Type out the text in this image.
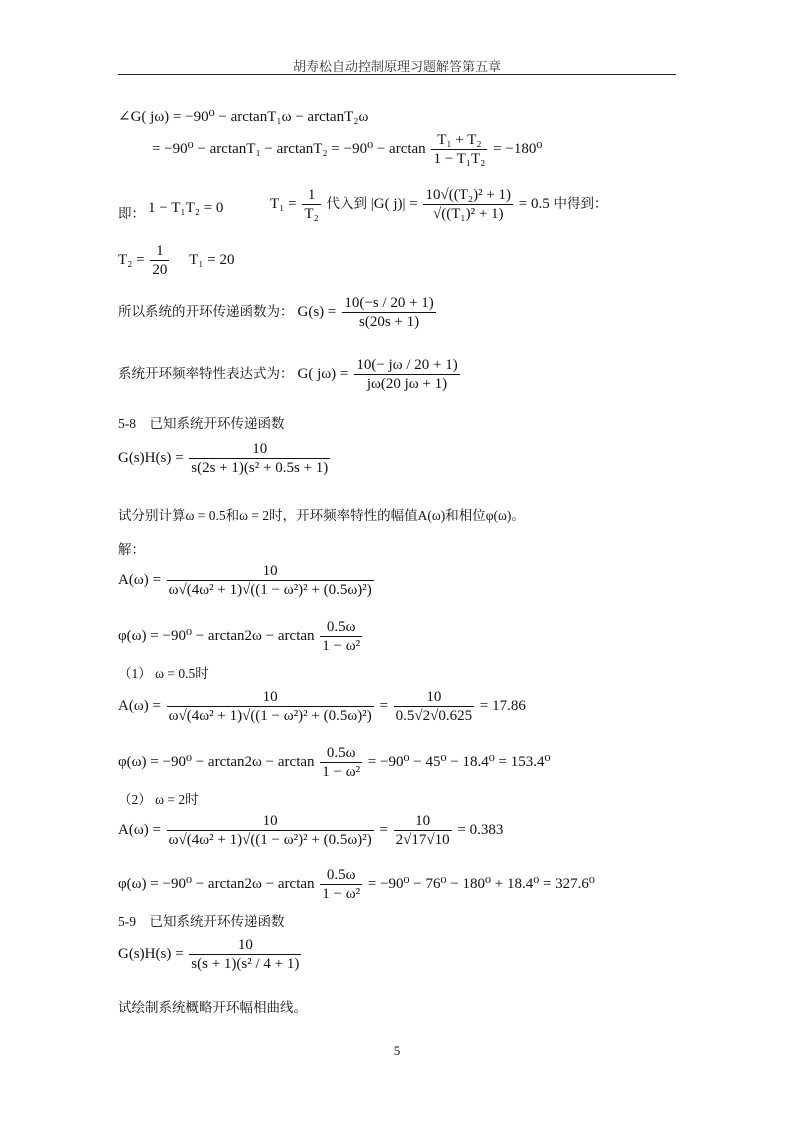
胡寿松自动控制原理习题解答第五章
∠G( jω) = −90⁰ − arctanT₁ω − arctanT₂ω
= $-90^0 - \arctan T_1 - \arctan T_2 = -90^0 - \arctan \frac{\text{T₁ + T₂}}{\text{1 − T₁T₂}} = -180^0$
即： 1 − T₁T₂ = 0	$T_1 = \frac{1}{\text{T₂}}$ 代入到 |G( $j)| = \frac{\text{10√((T₂)² + 1)}}{\text{√((T₁)² + 1)}} = 0.5$ 中得到：
$T_2 = \frac{1}{20} T_1 = 20$
所以系统的开环传递函数为： $G(s) = \frac{10(-s / 20 + 1)}{s(20s + 1)}$
系统开环频率特性表达式为： G( $j\omega) = \frac{10(- j\omega / 20 + 1)}{j\omega(20 j\omega + 1)}$
5-8　已知系统开环传递函数
$G(s)H(s) = \frac{10}{\text{s(2s + 1)(s² + 0.5s + 1)}}$
试分别计算ω = 0.5和ω = 2时，开环频率特性的幅值A(ω)和相位φ(ω)。
解：
$A(\omega) = \frac{10}{\text{ω√(4ω² + 1)√((1 − ω²)² + (0.5ω)²)}}$
$\varphi(\omega) = -90^0 - \arctan 2\omega - \arctan \frac{0.5\omega}{\text{1 − ω²}}$
（1） ω = 0.5时
$A(\omega) = \frac{10}{\text{ω√(4ω² + 1)√((1 − ω²)² + (0.5ω)²)}} = \frac{10}{0.5√2√0.625} = 17.86$
$\varphi(\omega) = -90^0 - \arctan 2\omega - \arctan \frac{0.5\omega}{\text{1 − ω²}} = -90^0 - 45^0 - 18.4^0 = 153.4^0$
（2） ω = 2时
$A(\omega) = \frac{10}{\text{ω√(4ω² + 1)√((1 − ω²)² + (0.5ω)²)}} = \frac{10}{2√17√10} = 0.383$
$\varphi(\omega) = -90^0 - \arctan 2\omega - \arctan \frac{0.5\omega}{\text{1 − ω²}} = -90^0 - 76^0 - 180^0 + 18.4^0 = 327.6^0$
5-9　已知系统开环传递函数
$G(s)H(s) = \frac{10}{\text{s(s + 1)(s² / 4 + 1)}}$
试绘制系统概略开环幅相曲线。
5
